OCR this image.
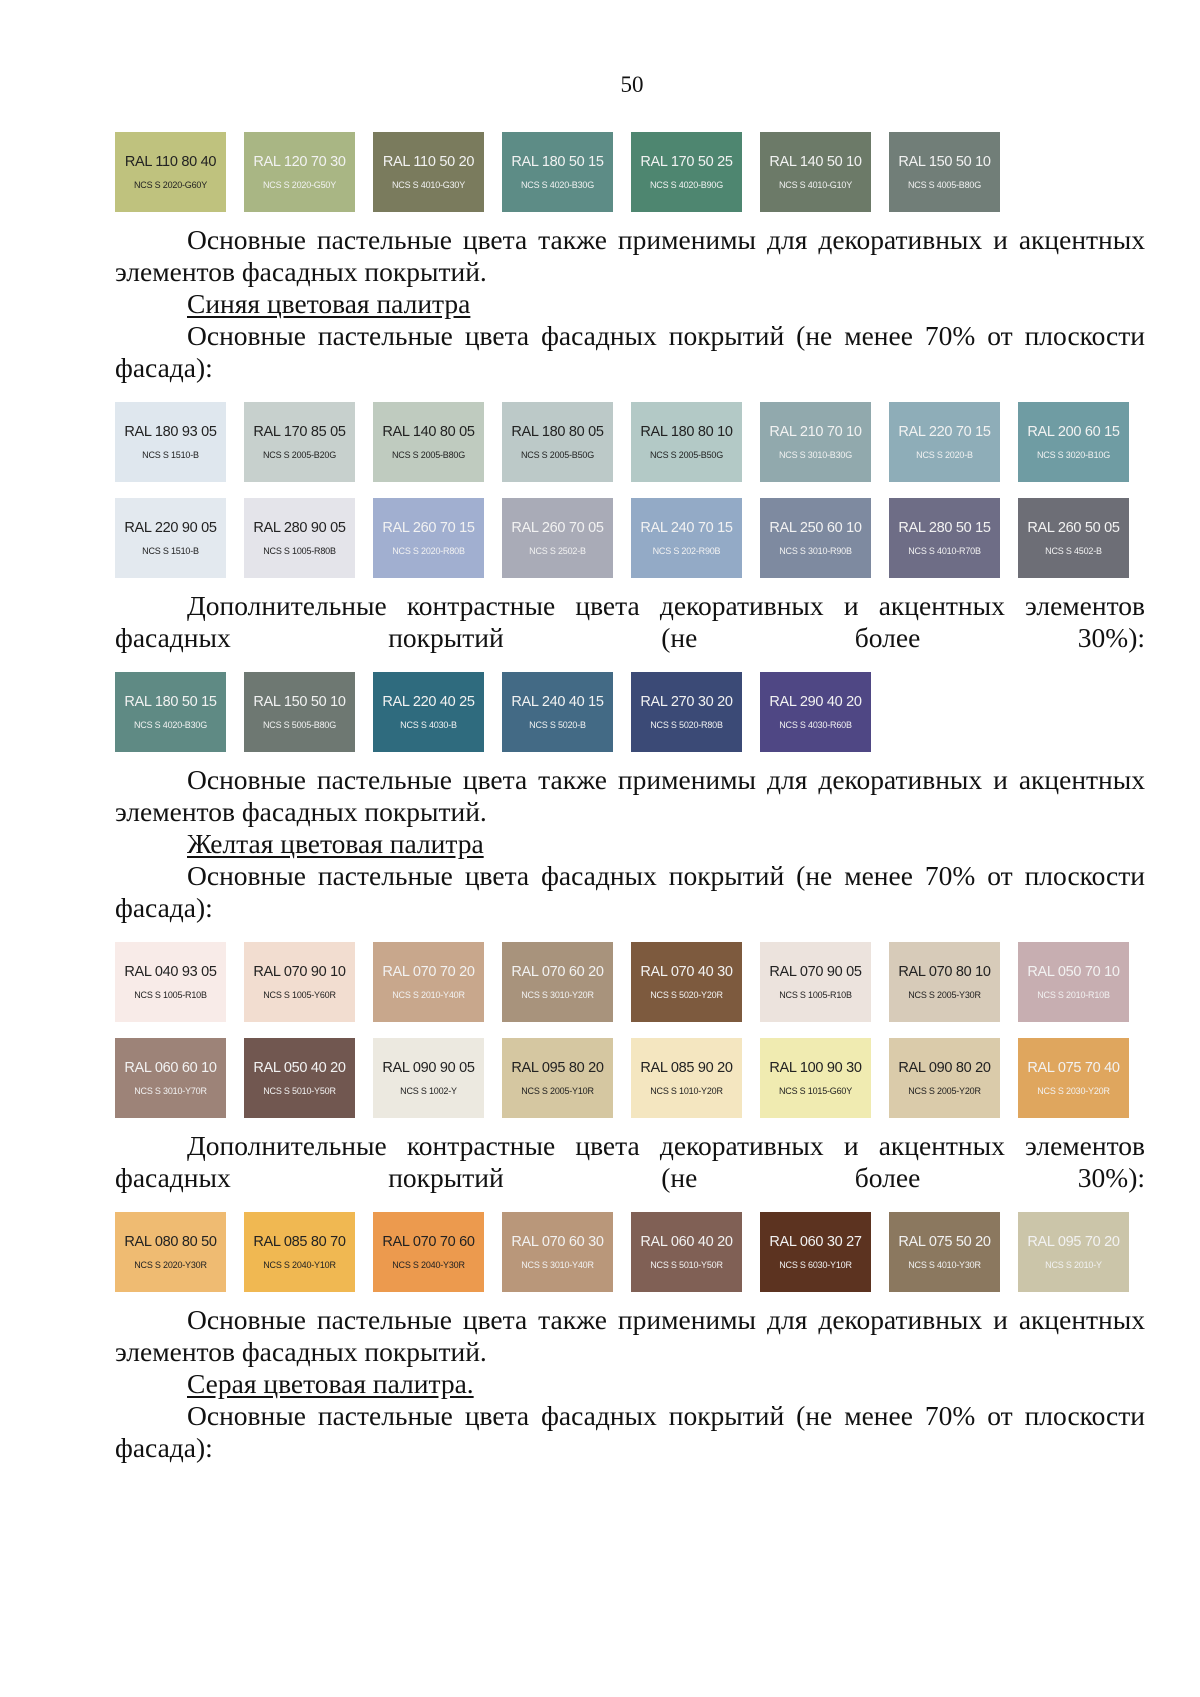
50
RAL 110 80 40
NCS S 2020-G60Y
RAL 120 70 30
NCS S 2020-G50Y
RAL 110 50 20
NCS S 4010-G30Y
RAL 180 50 15
NCS S 4020-B30G
RAL 170 50 25
NCS S 4020-B90G
RAL 140 50 10
NCS S 4010-G10Y
RAL 150 50 10
NCS S 4005-B80G

Основные пастельные цвета также применимы для декоративных и акцентных элементов фасадных покрытий.

Синяя цветовая палитра

Основные пастельные цвета фасадных покрытий (не менее 70% от плоскости фасада):

RAL 180 93 05
NCS S 1510-B
RAL 170 85 05
NCS S 2005-B20G
RAL 140 80 05
NCS S 2005-B80G
RAL 180 80 05
NCS S 2005-B50G
RAL 180 80 10
NCS S 2005-B50G
RAL 210 70 10
NCS S 3010-B30G
RAL 220 70 15
NCS S 2020-B
RAL 200 60 15
NCS S 3020-B10G
RAL 220 90 05
NCS S 1510-B
RAL 280 90 05
NCS S 1005-R80B
RAL 260 70 15
NCS S 2020-R80B
RAL 260 70 05
NCS S 2502-B
RAL 240 70 15
NCS S 202-R90B
RAL 250 60 10
NCS S 3010-R90B
RAL 280 50 15
NCS S 4010-R70B
RAL 260 50 05
NCS S 4502-B

Дополнительные контрастные цвета декоративных и акцентных элементов фасадных покрытий (не более 30%):

RAL 180 50 15
NCS S 4020-B30G
RAL 150 50 10
NCS S 5005-B80G
RAL 220 40 25
NCS S 4030-B
RAL 240 40 15
NCS S 5020-B
RAL 270 30 20
NCS S 5020-R80B
RAL 290 40 20
NCS S 4030-R60B

Основные пастельные цвета также применимы для декоративных и акцентных элементов фасадных покрытий.

Желтая цветовая палитра

Основные пастельные цвета фасадных покрытий (не менее 70% от плоскости фасада):

RAL 040 93 05
NCS S 1005-R10B
RAL 070 90 10
NCS S 1005-Y60R
RAL 070 70 20
NCS S 2010-Y40R
RAL 070 60 20
NCS S 3010-Y20R
RAL 070 40 30
NCS S 5020-Y20R
RAL 070 90 05
NCS S 1005-R10B
RAL 070 80 10
NCS S 2005-Y30R
RAL 050 70 10
NCS S 2010-R10B
RAL 060 60 10
NCS S 3010-Y70R
RAL 050 40 20
NCS S 5010-Y50R
RAL 090 90 05
NCS S 1002-Y
RAL 095 80 20
NCS S 2005-Y10R
RAL 085 90 20
NCS S 1010-Y20R
RAL 100 90 30
NCS S 1015-G60Y
RAL 090 80 20
NCS S 2005-Y20R
RAL 075 70 40
NCS S 2030-Y20R

Дополнительные контрастные цвета декоративных и акцентных элементов фасадных покрытий (не более 30%):

RAL 080 80 50
NCS S 2020-Y30R
RAL 085 80 70
NCS S 2040-Y10R
RAL 070 70 60
NCS S 2040-Y30R
RAL 070 60 30
NCS S 3010-Y40R
RAL 060 40 20
NCS S 5010-Y50R
RAL 060 30 27
NCS S 6030-Y10R
RAL 075 50 20
NCS S 4010-Y30R
RAL 095 70 20
NCS S 2010-Y

Основные пастельные цвета также применимы для декоративных и акцентных элементов фасадных покрытий.

Серая цветовая палитра.

Основные пастельные цвета фасадных покрытий (не менее 70% от плоскости фасада):
